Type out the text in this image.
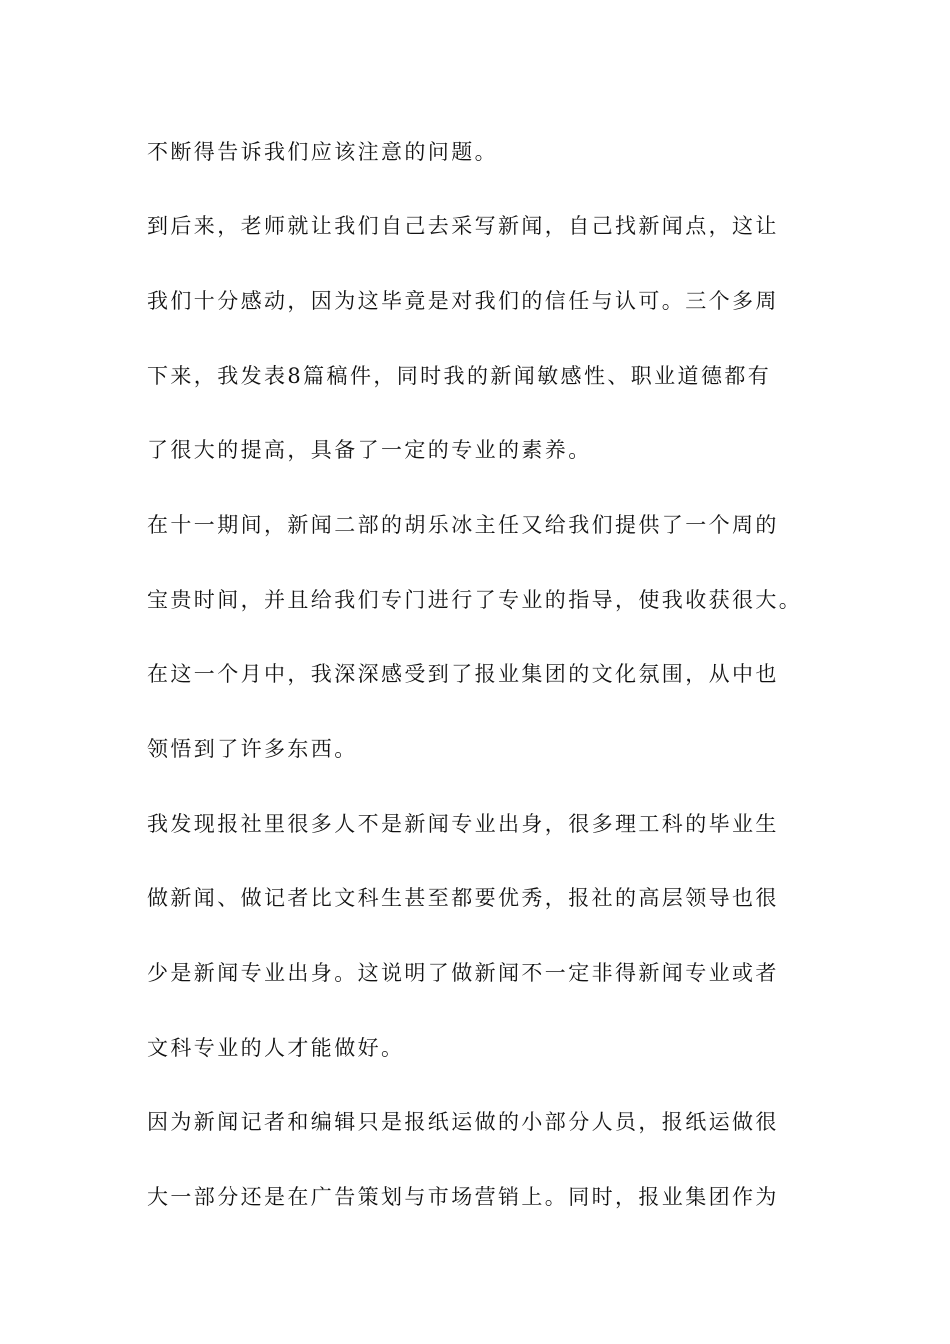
不断得告诉我们应该注意的问题。
到后来，老师就让我们自己去采写新闻，自己找新闻点，这让
我们十分感动，因为这毕竟是对我们的信任与认可。三个多周
下来，我发表8篇稿件，同时我的新闻敏感性、职业道德都有
了很大的提高，具备了一定的专业的素养。
在十一期间，新闻二部的胡乐冰主任又给我们提供了一个周的
宝贵时间，并且给我们专门进行了专业的指导，使我收获很大。
在这一个月中，我深深感受到了报业集团的文化氛围，从中也
领悟到了许多东西。
我发现报社里很多人不是新闻专业出身，很多理工科的毕业生
做新闻、做记者比文科生甚至都要优秀，报社的高层领导也很
少是新闻专业出身。这说明了做新闻不一定非得新闻专业或者
文科专业的人才能做好。
因为新闻记者和编辑只是报纸运做的小部分人员，报纸运做很
大一部分还是在广告策划与市场营销上。同时，报业集团作为
